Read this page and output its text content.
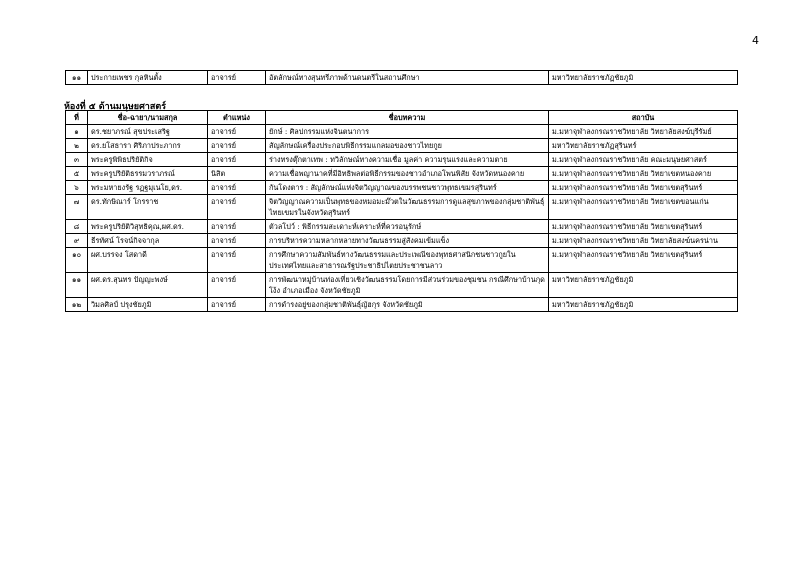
4
๑๑	ประกายเพชร กุลหินตั้ง	อาจารย์	อัตลักษณ์ทางสุนทรีภาพด้านดนตรีในสถานศึกษา	มหาวิทยาลัยราชภัฏชัยภูมิ
ห้องที่ ๕ ด้านมนุษยศาสตร์
ที่	ชื่อ-ฉายา/นามสกุล	ตำแหน่ง	ชื่อบทความ	สถาบัน
๑	ดร.ชยาภรณ์ สุขประเสริฐ	อาจารย์	ยักษ์ : ศิลปกรรมแห่งจินตนาการ	ม.มหาจุฬาลงกรณราชวิทยาลัย วิทยาลัยสงฆ์บุรีรัมย์
๒	ดร.ยโสธารา ศิริภาประภากร	อาจารย์	สัญลักษณ์เครื่องประกอบพิธีกรรมแกลมอของชาวไทยกูย	มหาวิทยาลัยราชภัฏสุรินทร์
๓	พระครูพิพิธปริยัติกิจ	อาจารย์	ร่างทรงตุ๊กตาเทพ : ทวิลักษณ์ทางความเชื่อ มูลค่า ความรุนแรงและความตาย	ม.มหาจุฬาลงกรณราชวิทยาลัย คณะมนุษยศาสตร์
๕	พระครูปริยัติธรรมวราภรณ์	นิสิต	ความเชื่อพญานาคที่มีอิทธิพลต่อพิธีกรรมของชาวอำเภอโพนพิสัย จังหวัดหนองคาย	ม.มหาจุฬาลงกรณราชวิทยาลัย วิทยาเขตหนองคาย
๖	พระมหายงรัฐ รฏฐมุเนโย,ดร.	อาจารย์	กันโดงตาร : สัญลักษณ์แห่งจิตวิญญาณของบรรพชนชาวพุทธเขมรสุรินทร์	ม.มหาจุฬาลงกรณราชวิทยาลัย วิทยาเขตสุรินทร์
๗	ดร.ทักษิณาร์ โกรราช	อาจารย์	จิตวิญญาณความเป็นพุทธของหมอมะม๊วตในวัฒนธรรมการดูแลสุขภาพของกลุ่มชาติพันธุ์ไทยเขมรในจังหวัดสุรินทร์	ม.มหาจุฬาลงกรณราชวิทยาลัย วิทยาเขตขอนแก่น
๘	พระครูปริยัติวิสุทธิคุณ,ผศ.ดร.	อาจารย์	ตัวลโปว์ : พิธีกรรมสะเดาะห์เคราะห์ที่ควรอนุรักษ์	ม.มหาจุฬาลงกรณราชวิทยาลัย วิทยาเขตสุรินทร์
๙	ธีรทัศน์ โรจน์กิจจากุล	อาจารย์	การบริหารความหลากหลายทางวัฒนธรรมสู่สังคมเข้มแข็ง	ม.มหาจุฬาลงกรณราชวิทยาลัย วิทยาลัยสงฆ์นครน่าน
๑๐	ผศ.บรรจง โสดาดี	อาจารย์	การศึกษาความสัมพันธ์ทางวัฒนธรรมและประเพณีของพุทธศาสนิกชนชาวกูยในประเทศไทยและสาธารณรัฐประชาธิปไตยประชาชนลาว	ม.มหาจุฬาลงกรณราชวิทยาลัย วิทยาเขตสุรินทร์
๑๑	ผศ.ดร.สุนทร ปัญญะพงษ์	อาจารย์	การพัฒนาหมู่บ้านท่องเที่ยวเชิงวัฒนธรรมโดยการมีส่วนร่วมของชุมชน กรณีศึกษาบ้านกุดโง้ง อำเภอเมือง จังหวัดชัยภูมิ	มหาวิทยาลัยราชภัฏชัยภูมิ
๑๒	วิมลศิลป์ ปรุงชัยภูมิ	อาจารย์	การดำรงอยู่ของกลุ่มชาติพันธุ์ญัฮกุร จังหวัดชัยภูมิ	มหาวิทยาลัยราชภัฏชัยภูมิ
